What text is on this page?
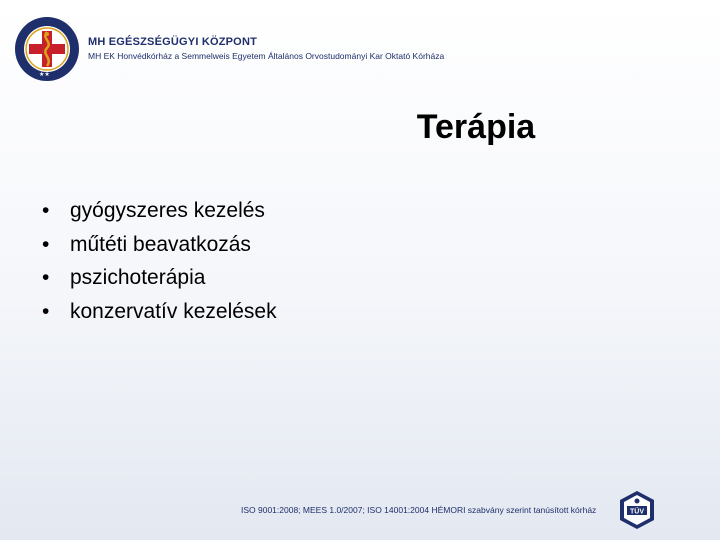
★★
MH EGÉSZSÉGÜGYI KÖZPONT
MH EK Honvédkórház a Semmelweis Egyetem Általános Orvostudományi Kar Oktató Kórháza
Terápia
• gyógyszeres kezelés
• műtéti beavatkozás
• pszichoterápia
• konzervatív kezelések
ISO 9001:2008; MEES 1.0/2007; ISO 14001:2004 HÉMORI szabvány szerint tanúsított kórház	TÜV
